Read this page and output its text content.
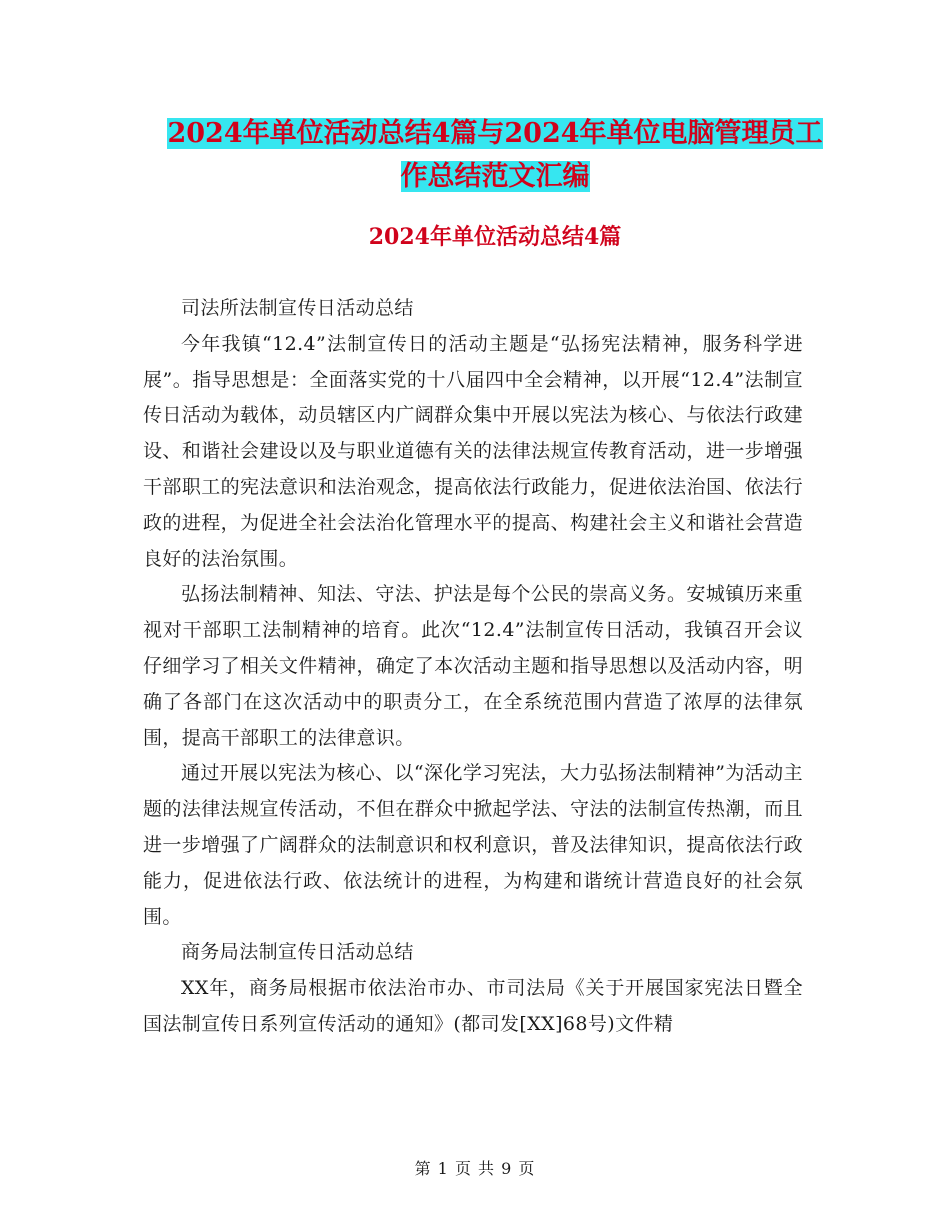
2024年单位活动总结4篇与2024年单位电脑管理员工
作总结范文汇编
2024年单位活动总结4篇

司法所法制宣传日活动总结

今年我镇“12.4”法制宣传日的活动主题是“弘扬宪法精神，服务科学进展”。指导思想是：全面落实党的十八届四中全会精神，以开展“12.4”法制宣传日活动为载体，动员辖区内广阔群众集中开展以宪法为核心、与依法行政建设、和谐社会建设以及与职业道德有关的法律法规宣传教育活动，进一步增强干部职工的宪法意识和法治观念，提高依法行政能力，促进依法治国、依法行政的进程，为促进全社会法治化管理水平的提高、构建社会主义和谐社会营造良好的法治氛围。

弘扬法制精神、知法、守法、护法是每个公民的崇高义务。安城镇历来重视对干部职工法制精神的培育。此次“12.4”法制宣传日活动，我镇召开会议仔细学习了相关文件精神，确定了本次活动主题和指导思想以及活动内容，明确了各部门在这次活动中的职责分工，在全系统范围内营造了浓厚的法律氛围，提高干部职工的法律意识。

通过开展以宪法为核心、以“深化学习宪法，大力弘扬法制精神”为活动主题的法律法规宣传活动，不但在群众中掀起学法、守法的法制宣传热潮，而且进一步增强了广阔群众的法制意识和权利意识，普及法律知识，提高依法行政能力，促进依法行政、依法统计的进程，为构建和谐统计营造良好的社会氛围。

商务局法制宣传日活动总结

XX年，商务局根据市依法治市办、市司法局《关于开展国家宪法日暨全国法制宣传日系列宣传活动的通知》(都司发[XX]68号)文件精

第 1 页 共 9 页
